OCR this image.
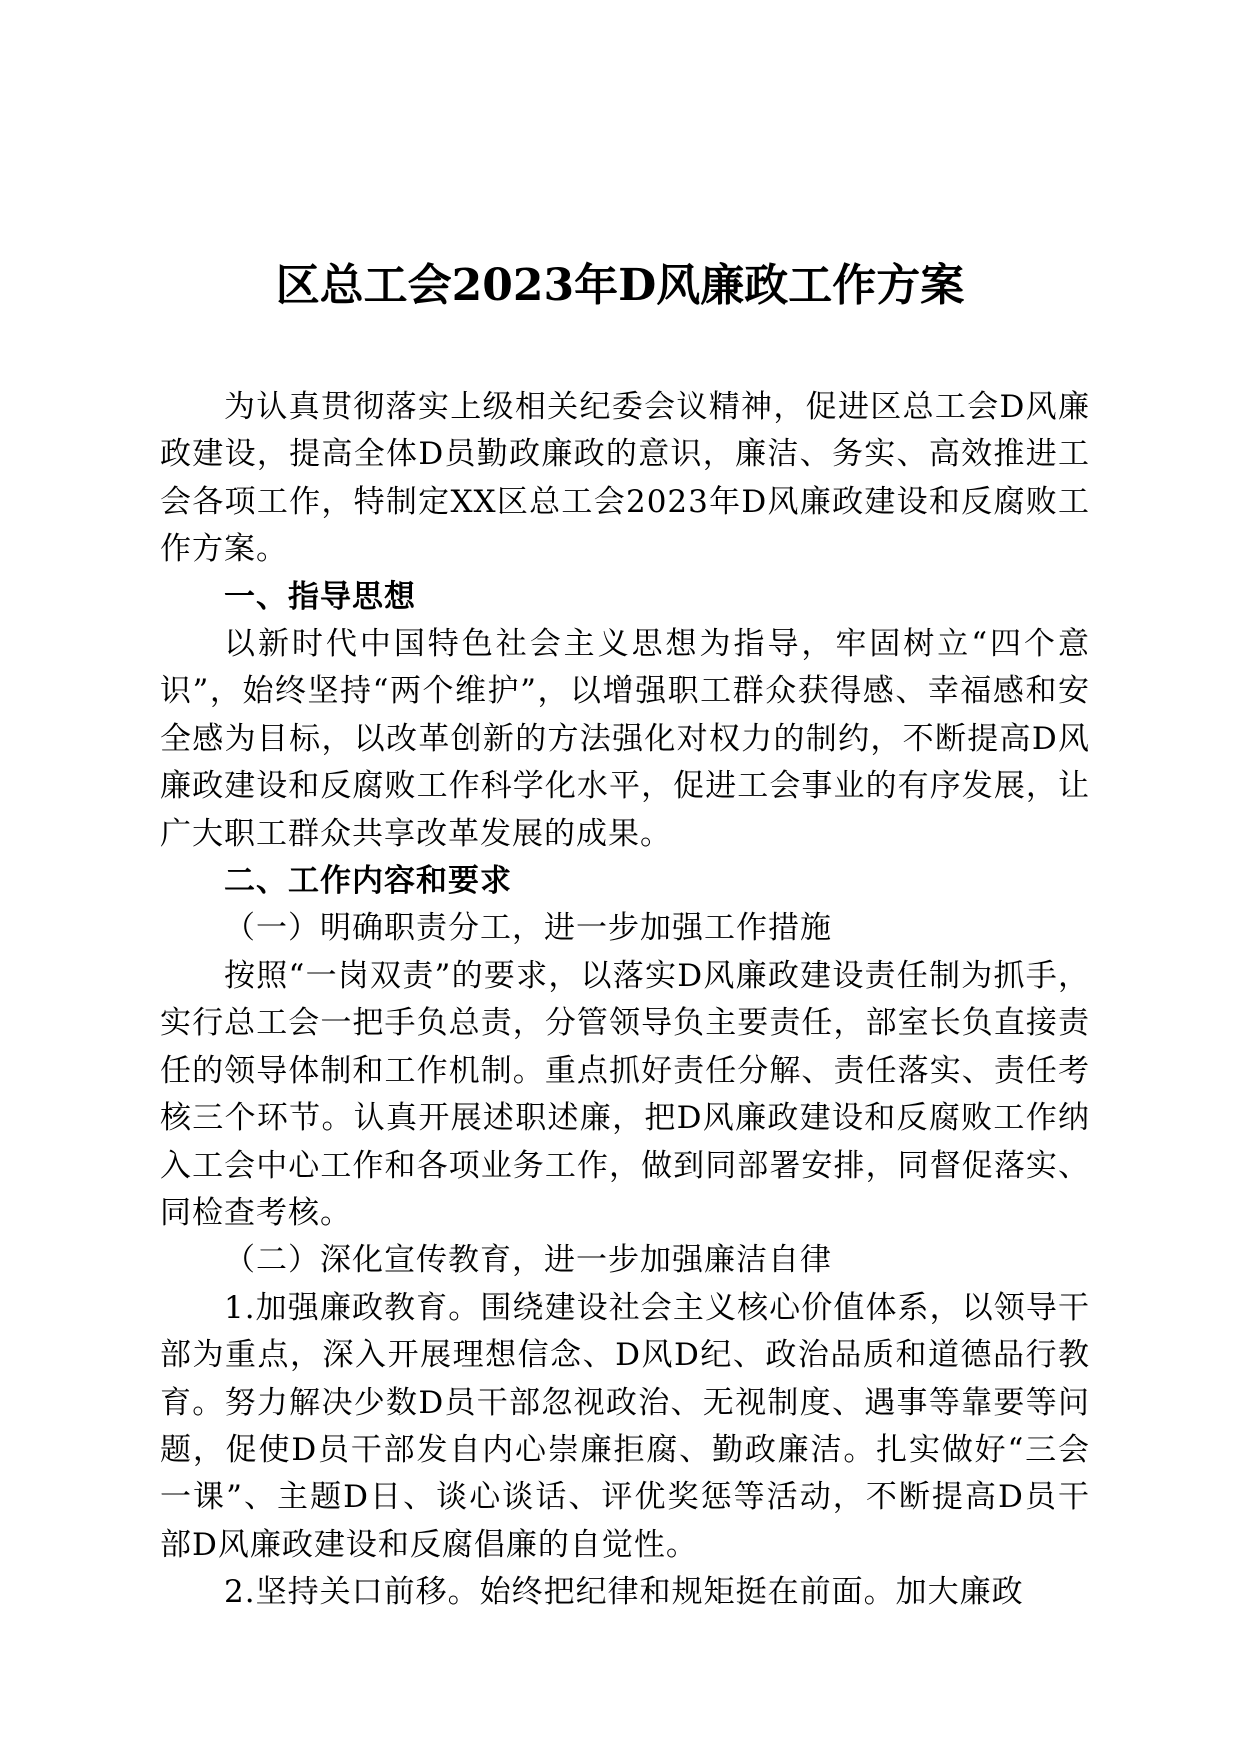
区总工会2023年D风廉政工作方案

为认真贯彻落实上级相关纪委会议精神，促进区总工会D风廉政建设，提高全体D员勤政廉政的意识，廉洁、务实、高效推进工会各项工作，特制定XX区总工会2023年D风廉政建设和反腐败工作方案。

一、指导思想

以新时代中国特色社会主义思想为指导，牢固树立“四个意识”，始终坚持“两个维护”，以增强职工群众获得感、幸福感和安全感为目标，以改革创新的方法强化对权力的制约，不断提高D风廉政建设和反腐败工作科学化水平，促进工会事业的有序发展，让广大职工群众共享改革发展的成果。

二、工作内容和要求
（一）明确职责分工，进一步加强工作措施

按照“一岗双责”的要求，以落实D风廉政建设责任制为抓手，实行总工会一把手负总责，分管领导负主要责任，部室长负直接责任的领导体制和工作机制。重点抓好责任分解、责任落实、责任考核三个环节。认真开展述职述廉，把D风廉政建设和反腐败工作纳入工会中心工作和各项业务工作，做到同部署安排，同督促落实、同检查考核。

（二）深化宣传教育，进一步加强廉洁自律

1.加强廉政教育。围绕建设社会主义核心价值体系，以领导干部为重点，深入开展理想信念、D风D纪、政治品质和道德品行教育。努力解决少数D员干部忽视政治、无视制度、遇事等靠要等问题，促使D员干部发自内心崇廉拒腐、勤政廉洁。扎实做好“三会一课”、主题D日、谈心谈话、评优奖惩等活动，不断提高D员干部D风廉政建设和反腐倡廉的自觉性。

2.坚持关口前移。始终把纪律和规矩挺在前面。加大廉政
